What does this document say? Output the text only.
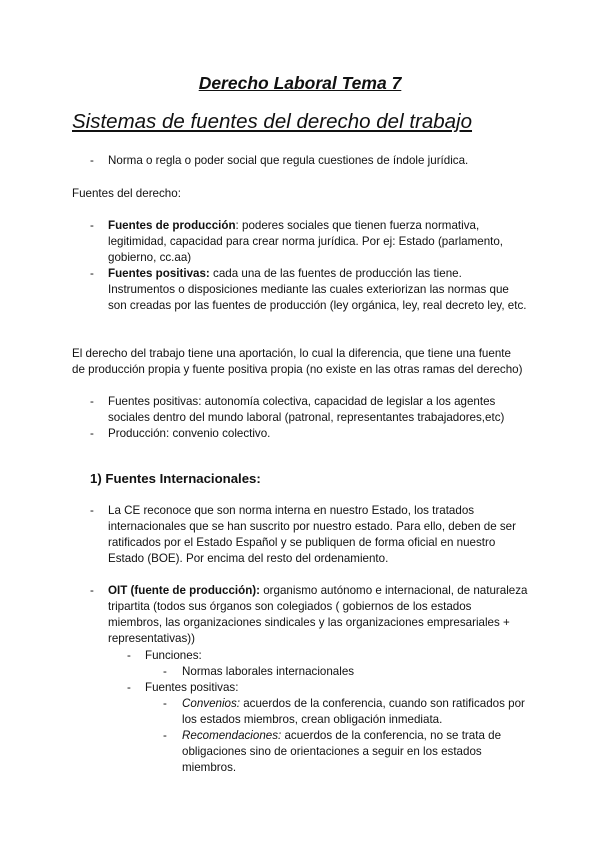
Derecho Laboral Tema 7
Sistemas de fuentes del derecho del trabajo
-	Norma o regla o poder social que regula cuestiones de índole jurídica.
Fuentes del derecho:
-	Fuentes de producción: poderes sociales que tienen fuerza normativa, legitimidad, capacidad para crear norma jurídica. Por ej: Estado (parlamento, gobierno, cc.aa)
-	Fuentes positivas: cada una de las fuentes de producción las tiene. Instrumentos o disposiciones mediante las cuales exteriorizan las normas que son creadas por las fuentes de producción (ley orgánica, ley, real decreto ley, etc.
El derecho del trabajo tiene una aportación, lo cual la diferencia, que tiene una fuente de producción propia y fuente positiva propia (no existe en las otras ramas del derecho)
-	Fuentes positivas: autonomía colectiva, capacidad de legislar a los agentes sociales dentro del mundo laboral (patronal, representantes trabajadores,etc)
-	Producción: convenio colectivo.
1) Fuentes Internacionales:
-	La CE reconoce que son norma interna en nuestro Estado, los tratados internacionales que se han suscrito por nuestro estado. Para ello, deben de ser ratificados por el Estado Español y se publiquen de forma oficial en nuestro Estado (BOE). Por encima del resto del ordenamiento.
-	OIT (fuente de producción): organismo autónomo e internacional, de naturaleza tripartita (todos sus órganos son colegiados ( gobiernos de los estados miembros, las organizaciones sindicales y las organizaciones empresariales + representativas))
-	Funciones:
-	Normas laborales internacionales
-	Fuentes positivas:
-	Convenios: acuerdos de la conferencia, cuando son ratificados por los estados miembros, crean obligación inmediata.
-	Recomendaciones: acuerdos de la conferencia, no se trata de obligaciones sino de orientaciones a seguir en los estados miembros.
